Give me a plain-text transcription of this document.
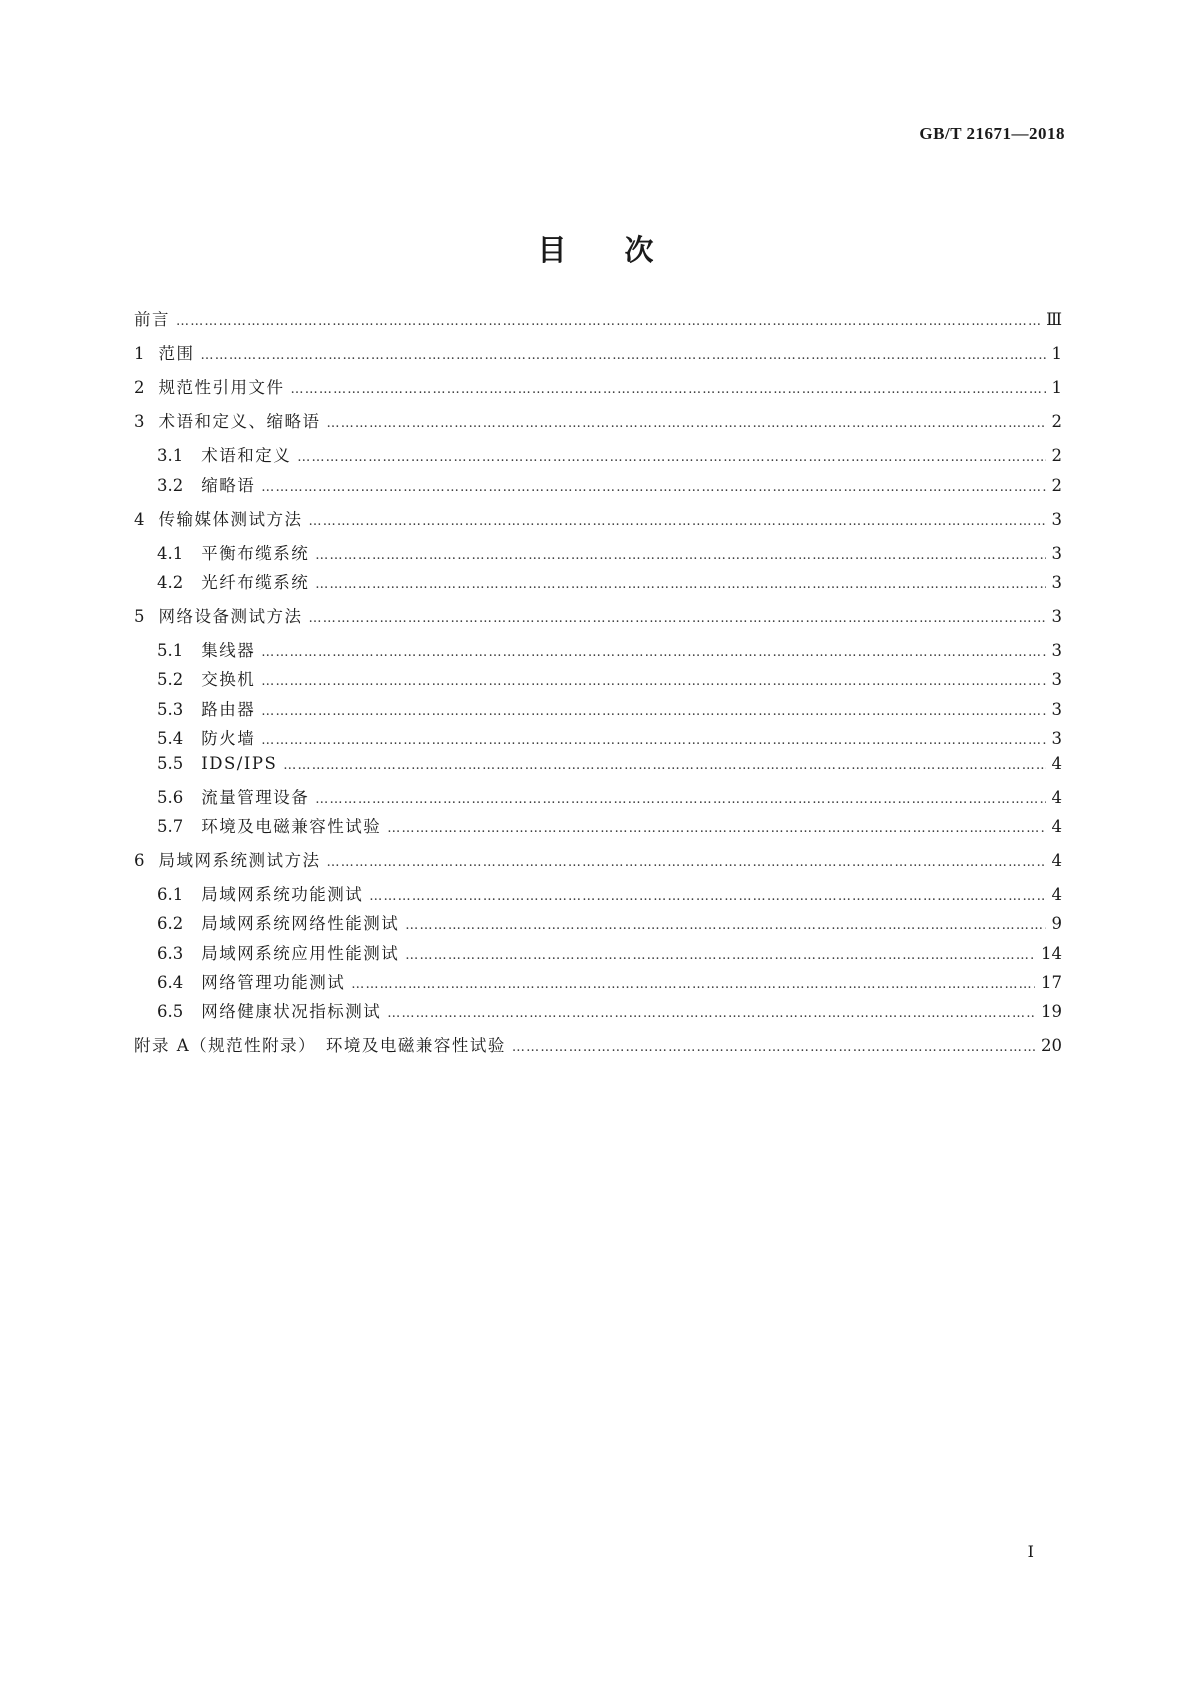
GB/T 21671—2018
目 次
前言 ……………………………………………………………………………………………………………………………………………………………………………………………………………………………………………………	Ⅲ
1 范围 ……………………………………………………………………………………………………………………………………………………………………………………………………………………………………………………	1
2 规范性引用文件 ……………………………………………………………………………………………………………………………………………………………………………………………………………………………………………………	1
3 术语和定义、缩略语 ……………………………………………………………………………………………………………………………………………………………………………………………………………………………………………………	2
3.1 术语和定义 ……………………………………………………………………………………………………………………………………………………………………………………………………………………………………………………	2
3.2 缩略语 ……………………………………………………………………………………………………………………………………………………………………………………………………………………………………………………	2
4 传输媒体测试方法 ……………………………………………………………………………………………………………………………………………………………………………………………………………………………………………………	3
4.1 平衡布缆系统 ……………………………………………………………………………………………………………………………………………………………………………………………………………………………………………………	3
4.2 光纤布缆系统 ……………………………………………………………………………………………………………………………………………………………………………………………………………………………………………………	3
5 网络设备测试方法 ……………………………………………………………………………………………………………………………………………………………………………………………………………………………………………………	3
5.1 集线器 ……………………………………………………………………………………………………………………………………………………………………………………………………………………………………………………	3
5.2 交换机 ……………………………………………………………………………………………………………………………………………………………………………………………………………………………………………………	3
5.3 路由器 ……………………………………………………………………………………………………………………………………………………………………………………………………………………………………………………	3
5.4 防火墙 ……………………………………………………………………………………………………………………………………………………………………………………………………………………………………………………	3
5.5 IDS/IPS ……………………………………………………………………………………………………………………………………………………………………………………………………………………………………………………	4
5.6 流量管理设备 ……………………………………………………………………………………………………………………………………………………………………………………………………………………………………………………	4
5.7 环境及电磁兼容性试验 ……………………………………………………………………………………………………………………………………………………………………………………………………………………………………………………	4
6 局域网系统测试方法 ……………………………………………………………………………………………………………………………………………………………………………………………………………………………………………………	4
6.1 局域网系统功能测试 ……………………………………………………………………………………………………………………………………………………………………………………………………………………………………………………	4
6.2 局域网系统网络性能测试 ……………………………………………………………………………………………………………………………………………………………………………………………………………………………………………………	9
6.3 局域网系统应用性能测试 ……………………………………………………………………………………………………………………………………………………………………………………………………………………………………………………	14
6.4 网络管理功能测试 ……………………………………………………………………………………………………………………………………………………………………………………………………………………………………………………	17
6.5 网络健康状况指标测试 ……………………………………………………………………………………………………………………………………………………………………………………………………………………………………………………	19
附录 A（规范性附录）　环境及电磁兼容性试验 ……………………………………………………………………………………………………………………………………………………………………………………………………………………………………………………	20
I
